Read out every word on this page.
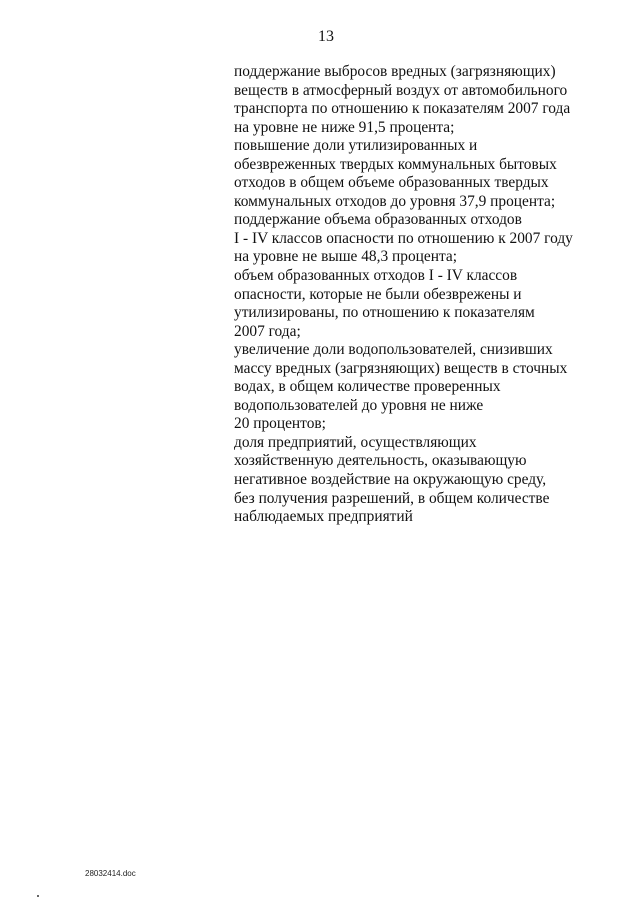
13
поддержание выбросов вредных (загрязняющих)
веществ в атмосферный воздух от автомобильного
транспорта по отношению к показателям 2007 года
на уровне не ниже 91,5 процента;
повышение доли утилизированных и
обезвреженных твердых коммунальных бытовых
отходов в общем объеме образованных твердых
коммунальных отходов до уровня 37,9 процента;
поддержание объема образованных отходов
I - IV классов опасности по отношению к 2007 году
на уровне не выше 48,3 процента;
объем образованных отходов I - IV классов
опасности, которые не были обезврежены и
утилизированы, по отношению к показателям
2007 года;
увеличение доли водопользователей, снизивших
массу вредных (загрязняющих) веществ в сточных
водах, в общем количестве проверенных
водопользователей до уровня не ниже
20 процентов;
доля предприятий, осуществляющих
хозяйственную деятельность, оказывающую
негативное воздействие на окружающую среду,
без получения разрешений, в общем количестве
наблюдаемых предприятий
28032414.doc
